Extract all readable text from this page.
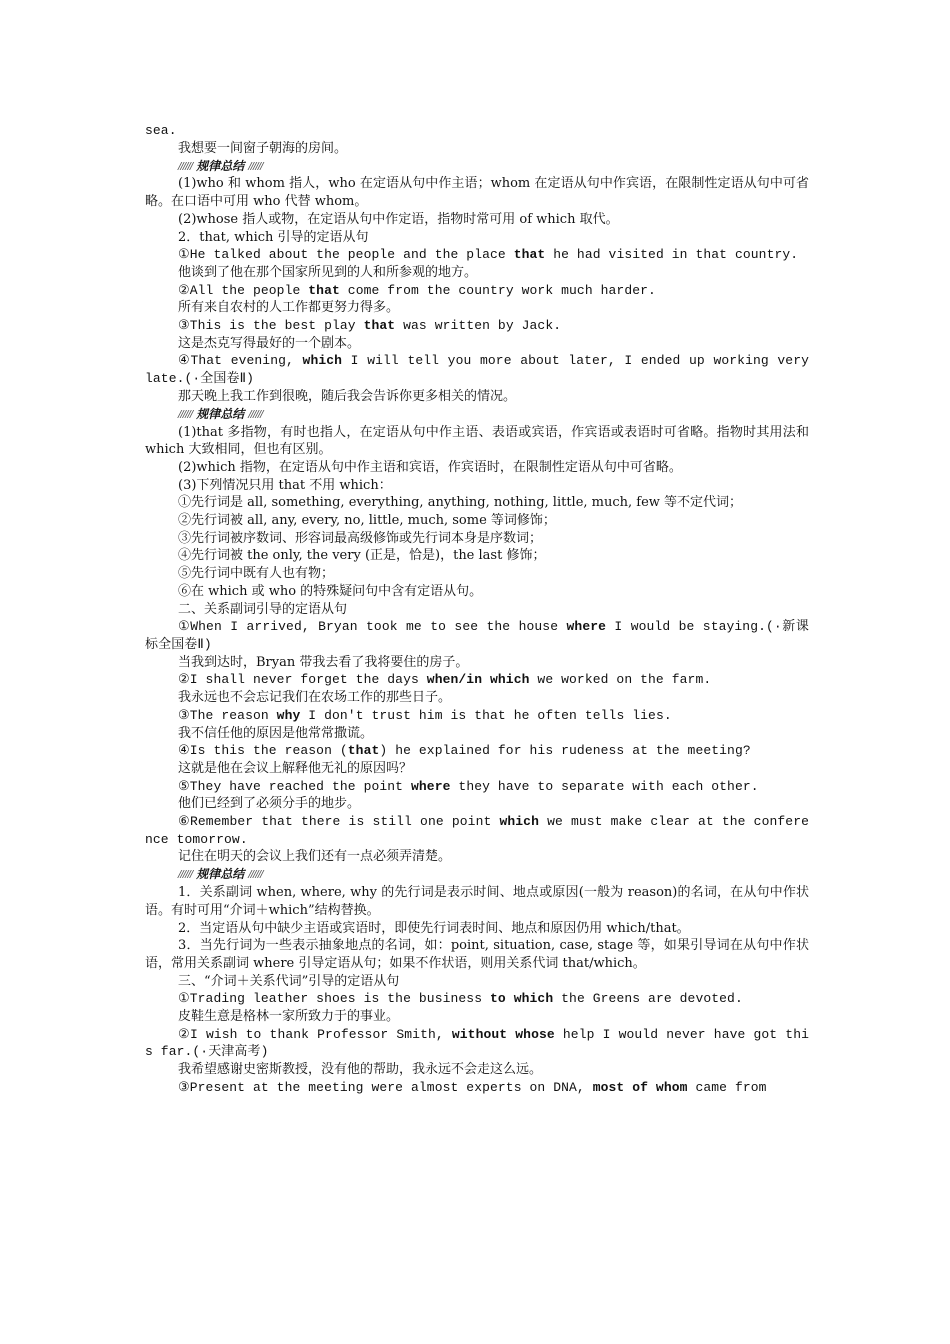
sea.

我想要一间窗子朝海的房间。

////// 规律总结 //////

(1)who 和 whom 指人，who 在定语从句中作主语；whom 在定语从句中作宾语，在限制性定语从句中可省略。在口语中可用 who 代替 whom。

(2)whose 指人或物，在定语从句中作定语，指物时常可用 of which 取代。

2．that, which 引导的定语从句

①He talked about the people and the place that he had visited in that country.

他谈到了他在那个国家所见到的人和所参观的地方。

②All the people that come from the country work much harder.

所有来自农村的人工作都更努力得多。

③This is the best play that was written by Jack.

这是杰克写得最好的一个剧本。

④That evening, which I will tell you more about later, I ended up working very late.(·全国卷Ⅱ)

那天晚上我工作到很晚，随后我会告诉你更多相关的情况。

////// 规律总结 //////

(1)that 多指物，有时也指人，在定语从句中作主语、表语或宾语，作宾语或表语时可省略。指物时其用法和 which 大致相同，但也有区别。

(2)which 指物，在定语从句中作主语和宾语，作宾语时，在限制性定语从句中可省略。

(3)下列情况只用 that 不用 which：

①先行词是 all, something, everything, anything, nothing, little, much, few 等不定代词；

②先行词被 all, any, every, no, little, much, some 等词修饰；

③先行词被序数词、形容词最高级修饰或先行词本身是序数词；

④先行词被 the only, the very (正是，恰是)，the last 修饰；

⑤先行词中既有人也有物；

⑥在 which 或 who 的特殊疑问句中含有定语从句。

二、关系副词引导的定语从句

①When I arrived, Bryan took me to see the house where I would be staying.(·新课标全国卷Ⅱ)

当我到达时，Bryan 带我去看了我将要住的房子。

②I shall never forget the days when/in which we worked on the farm.

我永远也不会忘记我们在农场工作的那些日子。

③The reason why I don't trust him is that he often tells lies.

我不信任他的原因是他常常撒谎。

④Is this the reason (that) he explained for his rudeness at the meeting?

这就是他在会议上解释他无礼的原因吗？

⑤They have reached the point where they have to separate with each other.

他们已经到了必须分手的地步。

⑥Remember that there is still one point which we must make clear at the conference tomorrow.

记住在明天的会议上我们还有一点必须弄清楚。

////// 规律总结 //////

1．关系副词 when, where, why 的先行词是表示时间、地点或原因(一般为 reason)的名词，在从句中作状语。有时可用“介词＋which”结构替换。

2．当定语从句中缺少主语或宾语时，即使先行词表时间、地点和原因仍用 which/that。

3．当先行词为一些表示抽象地点的名词，如：point, situation, case, stage 等，如果引导词在从句中作状语，常用关系副词 where 引导定语从句；如果不作状语，则用关系代词 that/which。

三、“介词＋关系代词”引导的定语从句

①Trading leather shoes is the business to which the Greens are devoted.

皮鞋生意是格林一家所致力于的事业。

②I wish to thank Professor Smith, without whose help I would never have got this far.(·天津高考)

我希望感谢史密斯教授，没有他的帮助，我永远不会走这么远。

③Present at the meeting were almost experts on DNA, most of whom came from
